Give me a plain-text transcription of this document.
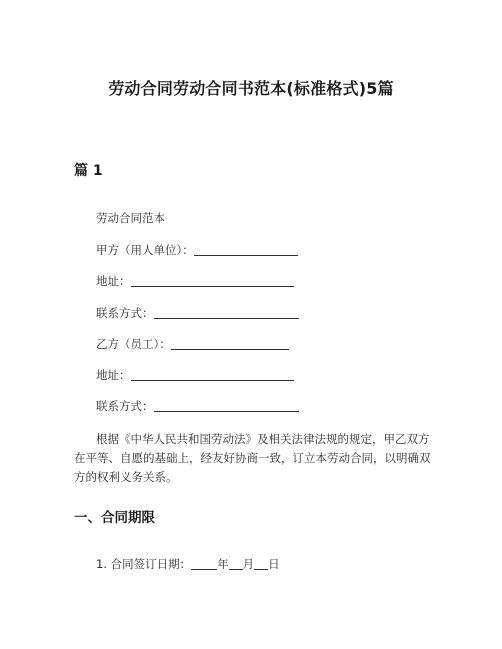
劳动合同劳动合同书范本(标准格式)5篇
篇 1
劳动合同范本
甲方（用人单位）：
地址：
联系方式：
乙方（员工）：
地址：
联系方式：
根据《中华人民共和国劳动法》及相关法律法规的规定，甲乙双方在平等、自愿的基础上，经友好协商一致，订立本劳动合同，以明确双方的权利义务关系。
一、合同期限
1. 合同签订日期： 年 月 日
